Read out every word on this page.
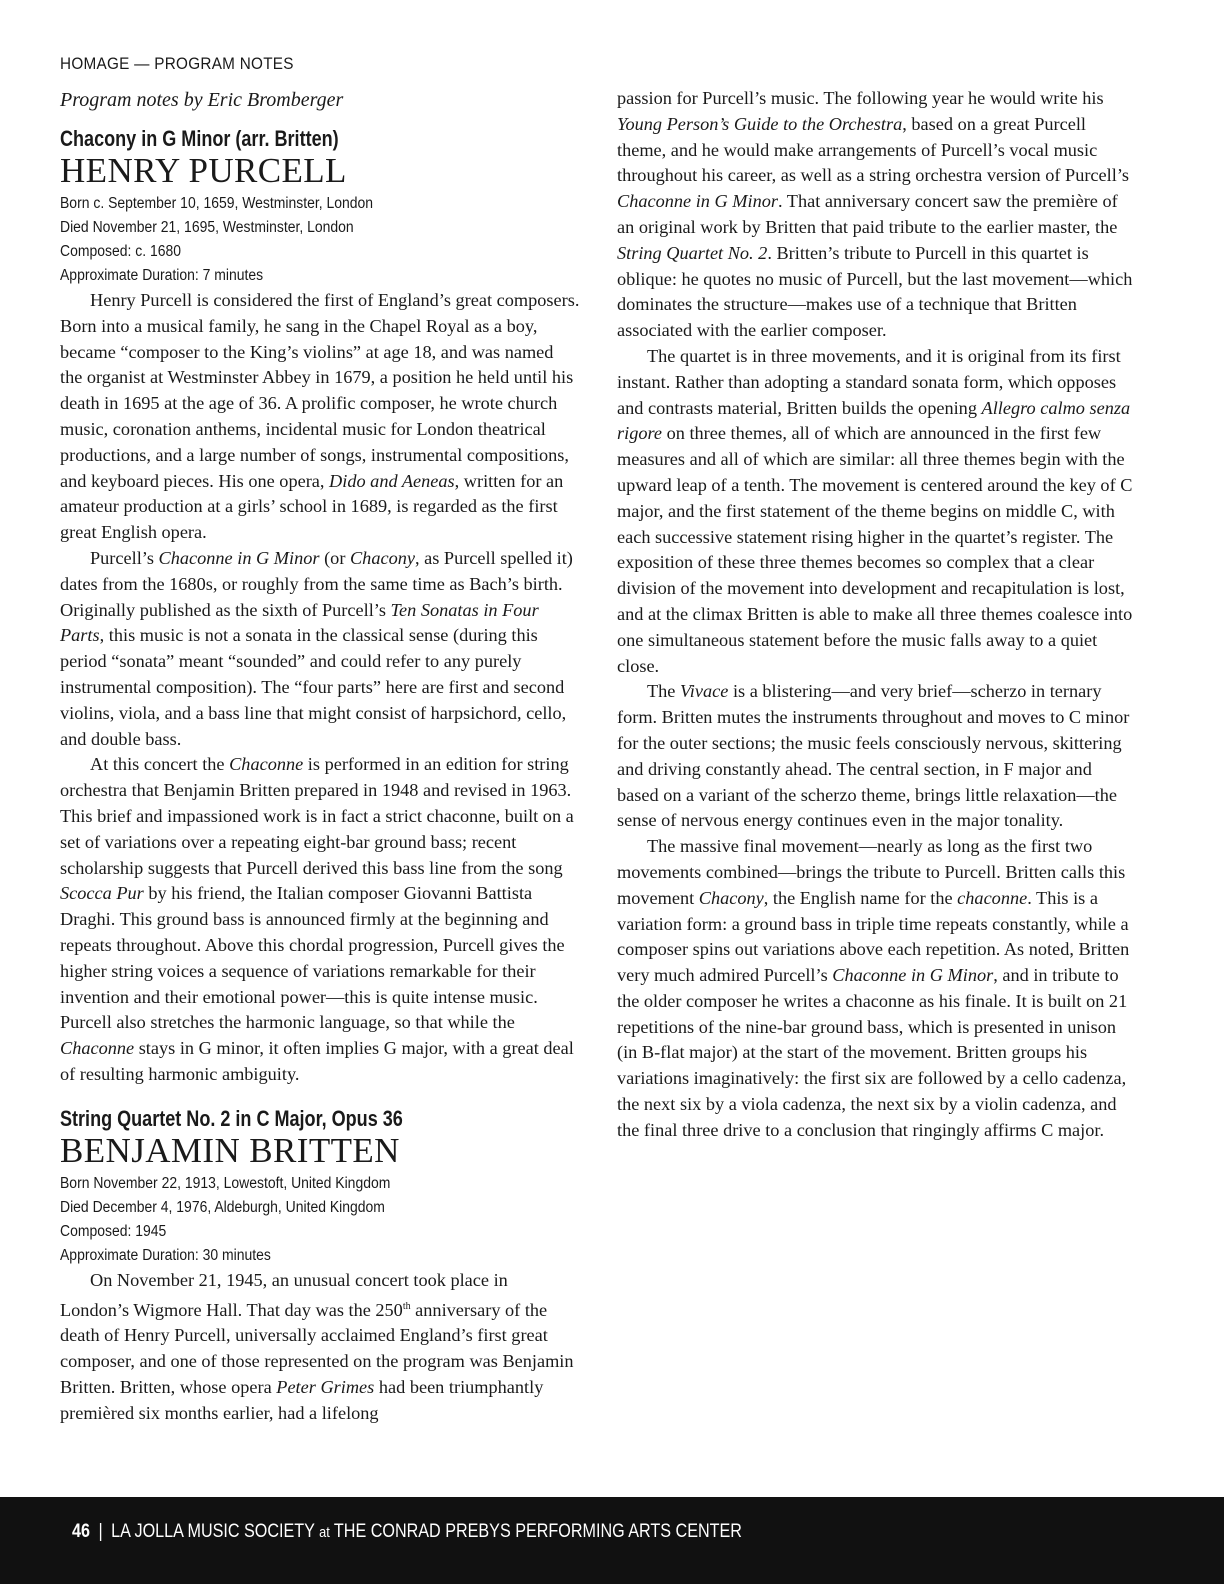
HOMAGE — PROGRAM NOTES
Program notes by Eric Bromberger
Chacony in G Minor (arr. Britten)
HENRY PURCELL
Born c. September 10, 1659, Westminster, London
Died November 21, 1695, Westminster, London
Composed: c. 1680
Approximate Duration: 7 minutes

Henry Purcell is considered the first of England’s great composers. Born into a musical family, he sang in the Chapel Royal as a boy, became “composer to the King’s violins” at age 18, and was named the organist at Westminster Abbey in 1679, a position he held until his death in 1695 at the age of 36. A prolific composer, he wrote church music, coronation anthems, incidental music for London theatrical productions, and a large number of songs, instrumental compositions, and keyboard pieces. His one opera, Dido and Aeneas, written for an amateur production at a girls’ school in 1689, is regarded as the first great English opera.

Purcell’s Chaconne in G Minor (or Chacony, as Purcell spelled it) dates from the 1680s, or roughly from the same time as Bach’s birth. Originally published as the sixth of Purcell’s Ten Sonatas in Four Parts, this music is not a sonata in the classical sense (during this period “sonata” meant “sounded” and could refer to any purely instrumental composition). The “four parts” here are first and second violins, viola, and a bass line that might consist of harpsichord, cello, and double bass.

At this concert the Chaconne is performed in an edition for string orchestra that Benjamin Britten prepared in 1948 and revised in 1963. This brief and impassioned work is in fact a strict chaconne, built on a set of variations over a repeating eight-bar ground bass; recent scholarship suggests that Purcell derived this bass line from the song Scocca Pur by his friend, the Italian composer Giovanni Battista Draghi. This ground bass is announced firmly at the beginning and repeats throughout. Above this chordal progression, Purcell gives the higher string voices a sequence of variations remarkable for their invention and their emotional power—this is quite intense music. Purcell also stretches the harmonic language, so that while the Chaconne stays in G minor, it often implies G major, with a great deal of resulting harmonic ambiguity.

String Quartet No. 2 in C Major, Opus 36
BENJAMIN BRITTEN
Born November 22, 1913, Lowestoft, United Kingdom
Died December 4, 1976, Aldeburgh, United Kingdom
Composed: 1945
Approximate Duration: 30 minutes

On November 21, 1945, an unusual concert took place in London’s Wigmore Hall. That day was the 250th anniversary of the death of Henry Purcell, universally acclaimed England’s first great composer, and one of those represented on the program was Benjamin Britten. Britten, whose opera Peter Grimes had been triumphantly premièred six months earlier, had a lifelong

passion for Purcell’s music. The following year he would write his Young Person’s Guide to the Orchestra, based on a great Purcell theme, and he would make arrangements of Purcell’s vocal music throughout his career, as well as a string orchestra version of Purcell’s Chaconne in G Minor. That anniversary concert saw the première of an original work by Britten that paid tribute to the earlier master, the String Quartet No. 2. Britten’s tribute to Purcell in this quartet is oblique: he quotes no music of Purcell, but the last movement—which dominates the structure—makes use of a technique that Britten associated with the earlier composer.

The quartet is in three movements, and it is original from its first instant. Rather than adopting a standard sonata form, which opposes and contrasts material, Britten builds the opening Allegro calmo senza rigore on three themes, all of which are announced in the first few measures and all of which are similar: all three themes begin with the upward leap of a tenth. The movement is centered around the key of C major, and the first statement of the theme begins on middle C, with each successive statement rising higher in the quartet’s register. The exposition of these three themes becomes so complex that a clear division of the movement into development and recapitulation is lost, and at the climax Britten is able to make all three themes coalesce into one simultaneous statement before the music falls away to a quiet close.

The Vivace is a blistering—and very brief—scherzo in ternary form. Britten mutes the instruments throughout and moves to C minor for the outer sections; the music feels consciously nervous, skittering and driving constantly ahead. The central section, in F major and based on a variant of the scherzo theme, brings little relaxation—the sense of nervous energy continues even in the major tonality.

The massive final movement—nearly as long as the first two movements combined—brings the tribute to Purcell. Britten calls this movement Chacony, the English name for the chaconne. This is a variation form: a ground bass in triple time repeats constantly, while a composer spins out variations above each repetition. As noted, Britten very much admired Purcell’s Chaconne in G Minor, and in tribute to the older composer he writes a chaconne as his finale. It is built on 21 repetitions of the nine-bar ground bass, which is presented in unison (in B-flat major) at the start of the movement. Britten groups his variations imaginatively: the first six are followed by a cello cadenza, the next six by a viola cadenza, the next six by a violin cadenza, and the final three drive to a conclusion that ringingly affirms C major.

46 | LA JOLLA MUSIC SOCIETY at THE CONRAD PREBYS PERFORMING ARTS CENTER
